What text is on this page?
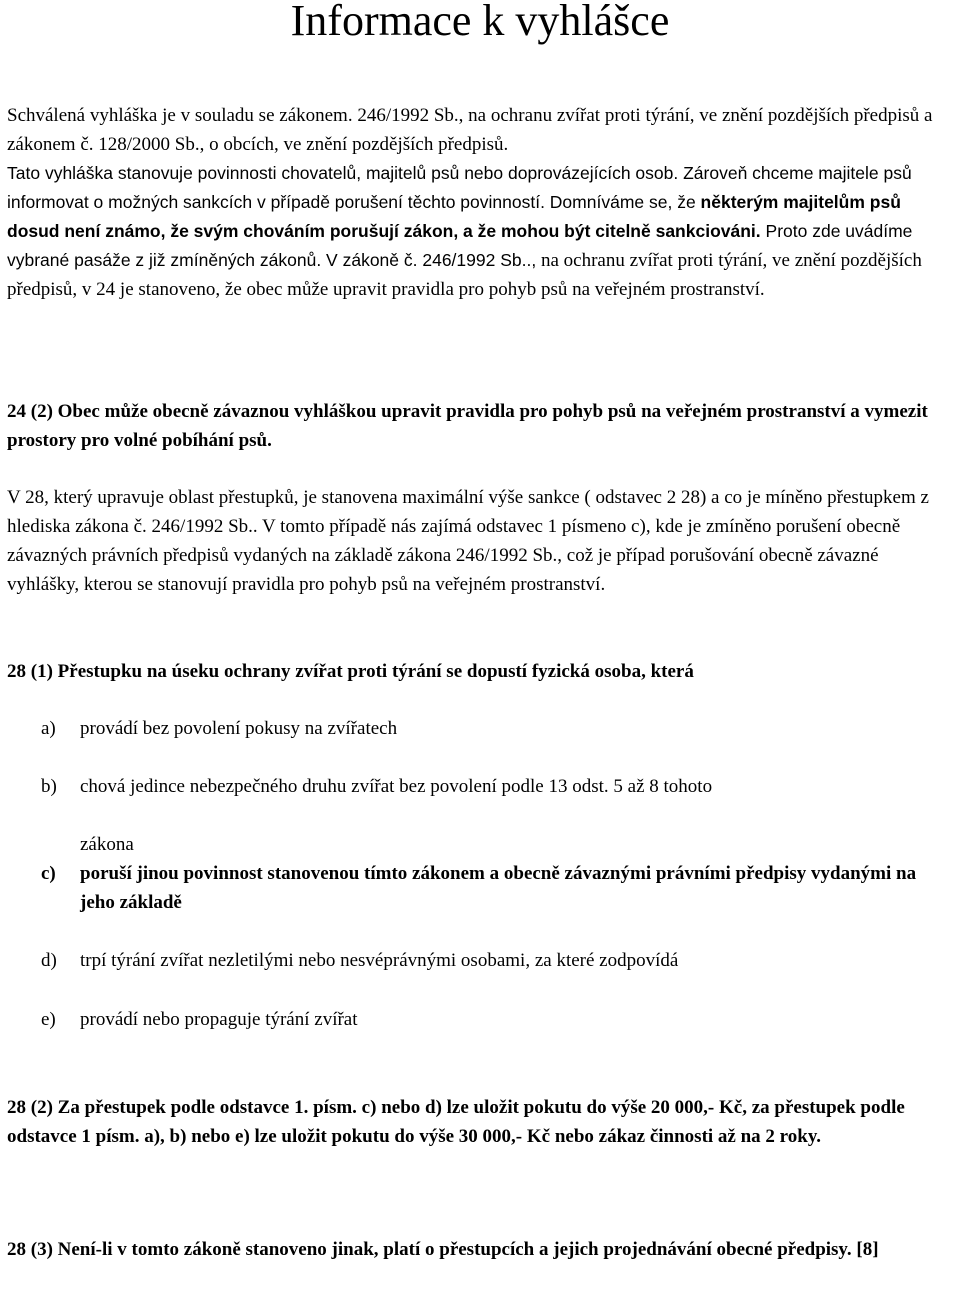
Informace k vyhlášce

Schválená vyhláška je v souladu se zákonem. 246/1992 Sb., na ochranu zvířat proti týrání, ve znění pozdějších předpisů a zákonem č. 128/2000 Sb., o obcích, ve znění pozdějších předpisů.
Tato vyhláška stanovuje povinnosti chovatelů, majitelů psů nebo doprovázejících osob. Zároveň chceme majitele psů informovat o možných sankcích v případě porušení těchto povinností. Domníváme se, že některým majitelům psů dosud není známo, že svým chováním porušují zákon, a že mohou být citelně sankciováni. Proto zde uvádíme vybrané pasáže z již zmíněných zákonů. V zákoně č. 246/1992 Sb.., na ochranu zvířat proti týrání, ve znění pozdějších předpisů, v 24 je stanoveno, že obec může upravit pravidla pro pohyb psů na veřejném prostranství.

24 (2) Obec může obecně závaznou vyhláškou upravit pravidla pro pohyb psů na veřejném prostranství a vymezit prostory pro volné pobíhání psů.

V 28, který upravuje oblast přestupků, je stanovena maximální výše sankce ( odstavec 2 28) a co je míněno přestupkem z hlediska zákona č. 246/1992 Sb.. V tomto případě nás zajímá odstavec 1 písmeno c), kde je zmíněno porušení obecně závazných právních předpisů vydaných na základě zákona 246/1992 Sb., což je případ porušování obecně závazné vyhlášky, kterou se stanovují pravidla pro pohyb psů na veřejném prostranství.

28 (1) Přestupku na úseku ochrany zvířat proti týrání se dopustí fyzická osoba, která

a)	provádí bez povolení pokusy na zvířatech
b)	chová jedince nebezpečného druhu zvířat bez povolení podle 13 odst. 5 až 8 tohoto
zákona
c)	poruší jinou povinnost stanovenou tímto zákonem a obecně závaznými právními předpisy vydanými na jeho základě
d)	trpí týrání zvířat nezletilými nebo nesvéprávnými osobami, za které zodpovídá
e)	provádí nebo propaguje týrání zvířat

28 (2) Za přestupek podle odstavce 1. písm. c) nebo d) lze uložit pokutu do výše 20 000,- Kč, za přestupek podle odstavce 1 písm. a), b) nebo e) lze uložit pokutu do výše 30 000,- Kč nebo zákaz činnosti až na 2 roky.

28 (3) Není-li v tomto zákoně stanoveno jinak, platí o přestupcích a jejich projednávání obecné předpisy. [8]
